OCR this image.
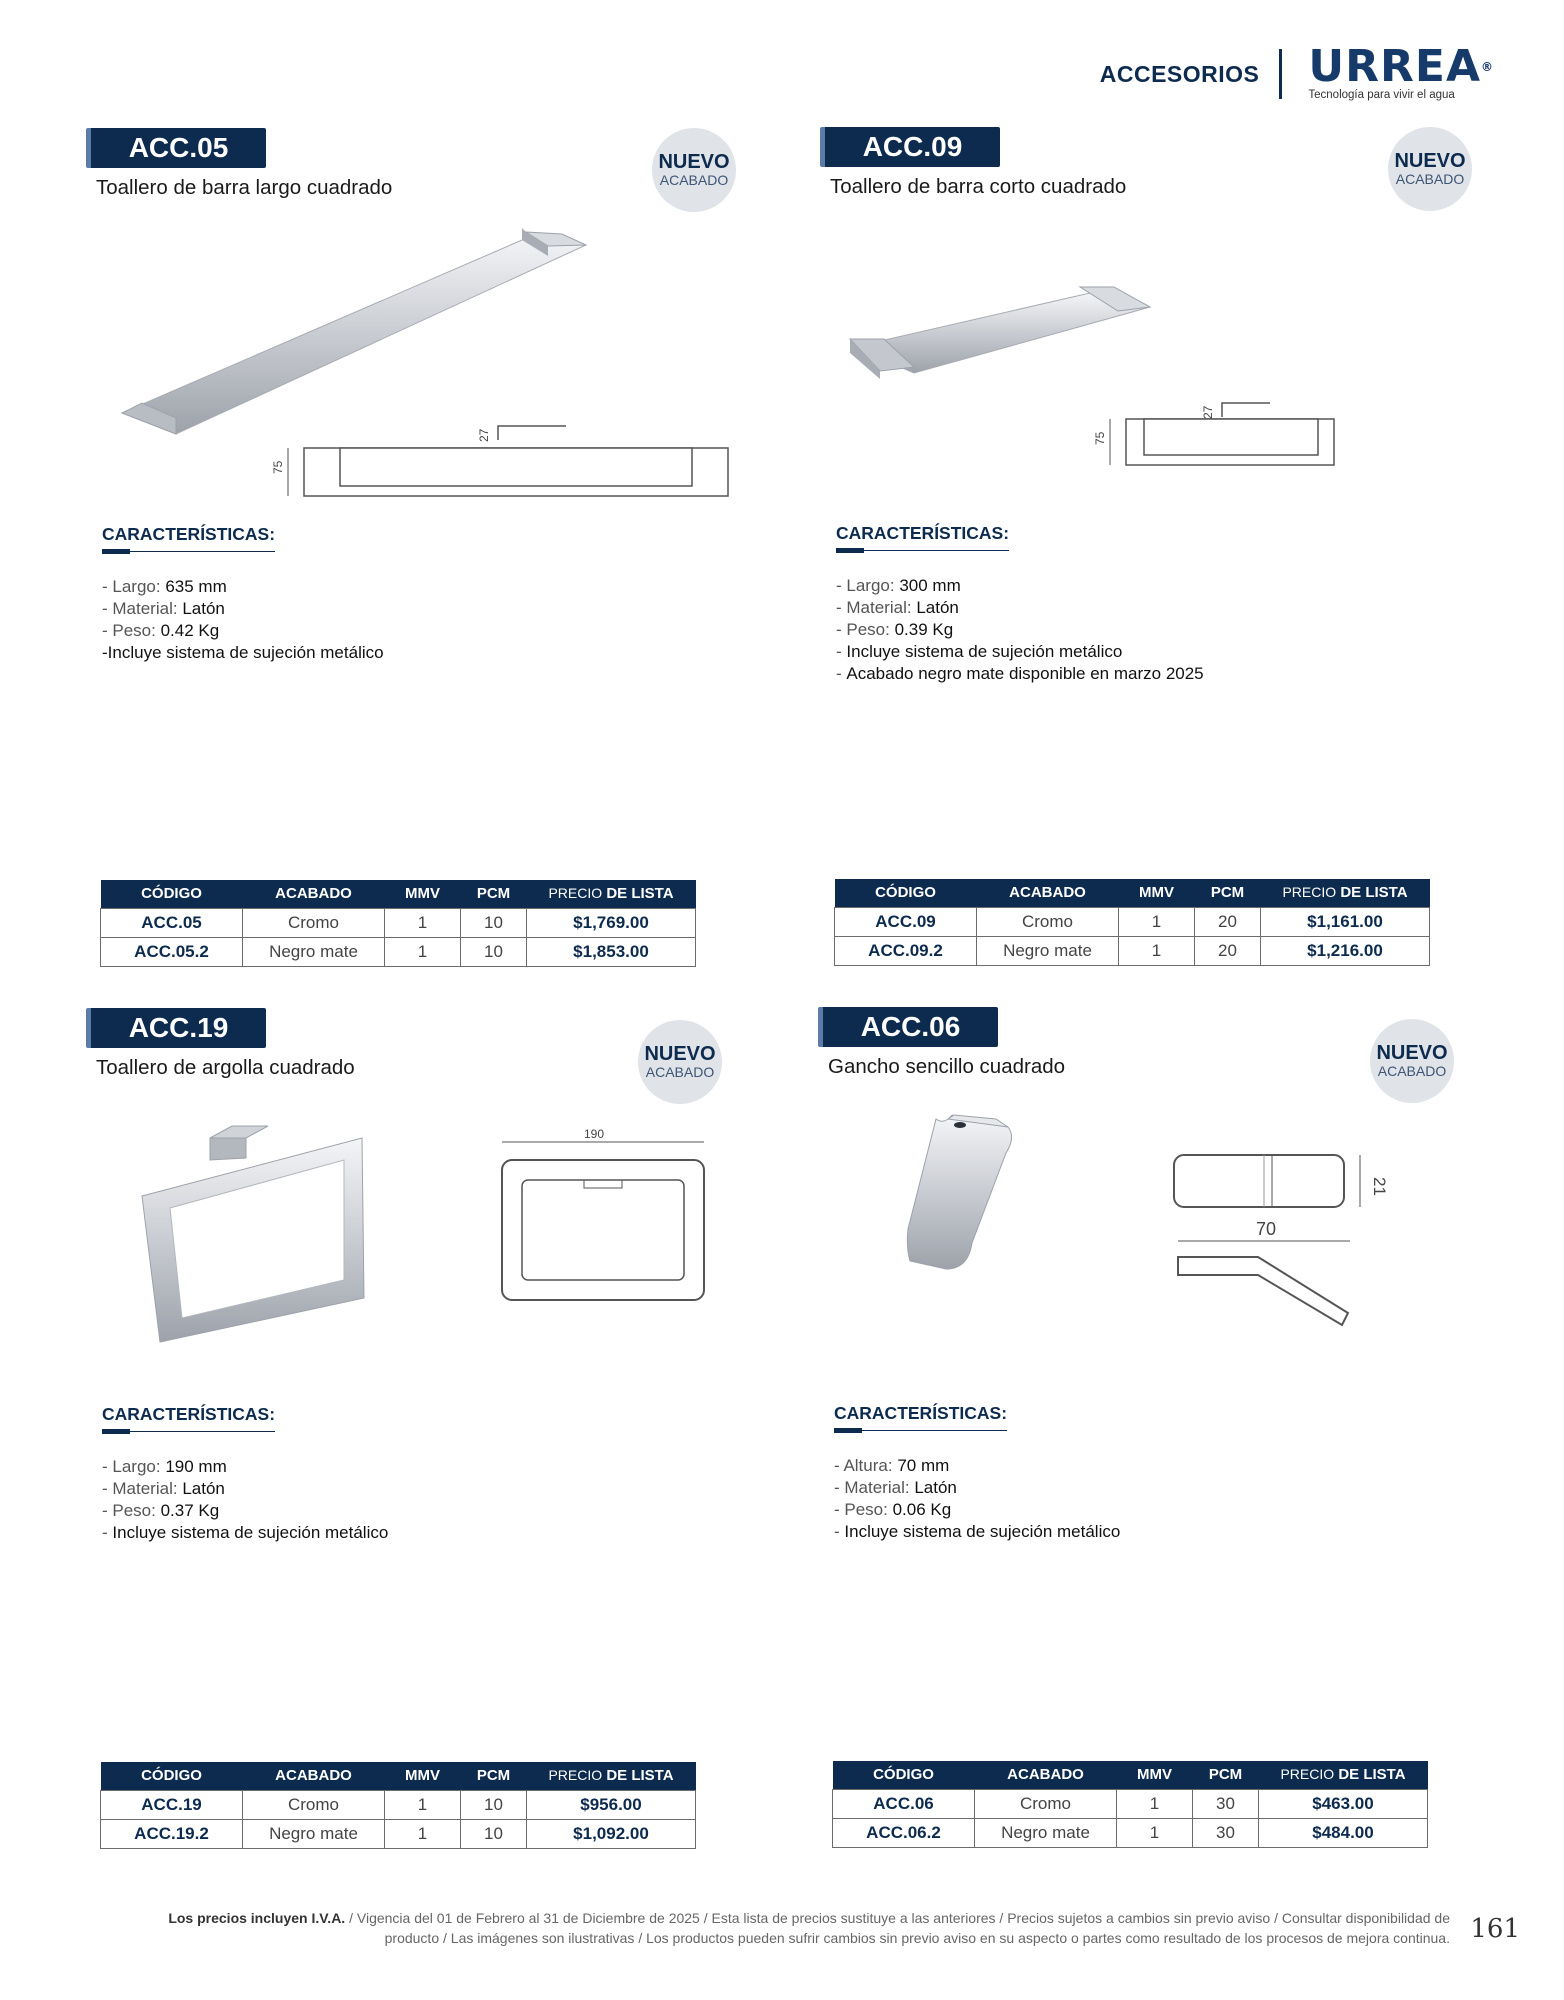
ACCESORIOS URREA®
Tecnología para vivir el agua
ACC.05
Toallero de barra largo cuadrado
NUEVO
ACABADO
75
27
CARACTERÍSTICAS:
- Largo: 635 mm
- Material: Latón
- Peso: 0.42 Kg
-Incluye sistema de sujeción metálico
CÓDIGO	ACABADO	MMV	PCM	PRECIO DE LISTA
ACC.05	Cromo	1	10	$1,769.00
ACC.05.2	Negro mate	1	10	$1,853.00
ACC.09
Toallero de barra corto cuadrado
NUEVO
ACABADO
75
27
CARACTERÍSTICAS:
- Largo: 300 mm
- Material: Latón
- Peso: 0.39 Kg
- Incluye sistema de sujeción metálico
- Acabado negro mate disponible en marzo 2025
CÓDIGO	ACABADO	MMV	PCM	PRECIO DE LISTA
ACC.09	Cromo	1	20	$1,161.00
ACC.09.2	Negro mate	1	20	$1,216.00
ACC.19
Toallero de argolla cuadrado
NUEVO
ACABADO
190
CARACTERÍSTICAS:
- Largo: 190 mm
- Material: Latón
- Peso: 0.37 Kg
- Incluye sistema de sujeción metálico
CÓDIGO	ACABADO	MMV	PCM	PRECIO DE LISTA
ACC.19	Cromo	1	10	$956.00
ACC.19.2	Negro mate	1	10	$1,092.00
ACC.06
Gancho sencillo cuadrado
NUEVO
ACABADO
21
70
CARACTERÍSTICAS:
- Altura: 70 mm
- Material: Latón
- Peso: 0.06 Kg
- Incluye sistema de sujeción metálico
CÓDIGO	ACABADO	MMV	PCM	PRECIO DE LISTA
ACC.06	Cromo	1	30	$463.00
ACC.06.2	Negro mate	1	30	$484.00
Los precios incluyen I.V.A. / Vigencia del 01 de Febrero al 31 de Diciembre de 2025 / Esta lista de precios sustituye a las anteriores / Precios sujetos a cambios sin previo aviso / Consultar disponibilidad de producto / Las imágenes son ilustrativas / Los productos pueden sufrir cambios sin previo aviso en su aspecto o partes como resultado de los procesos de mejora continua. 161
